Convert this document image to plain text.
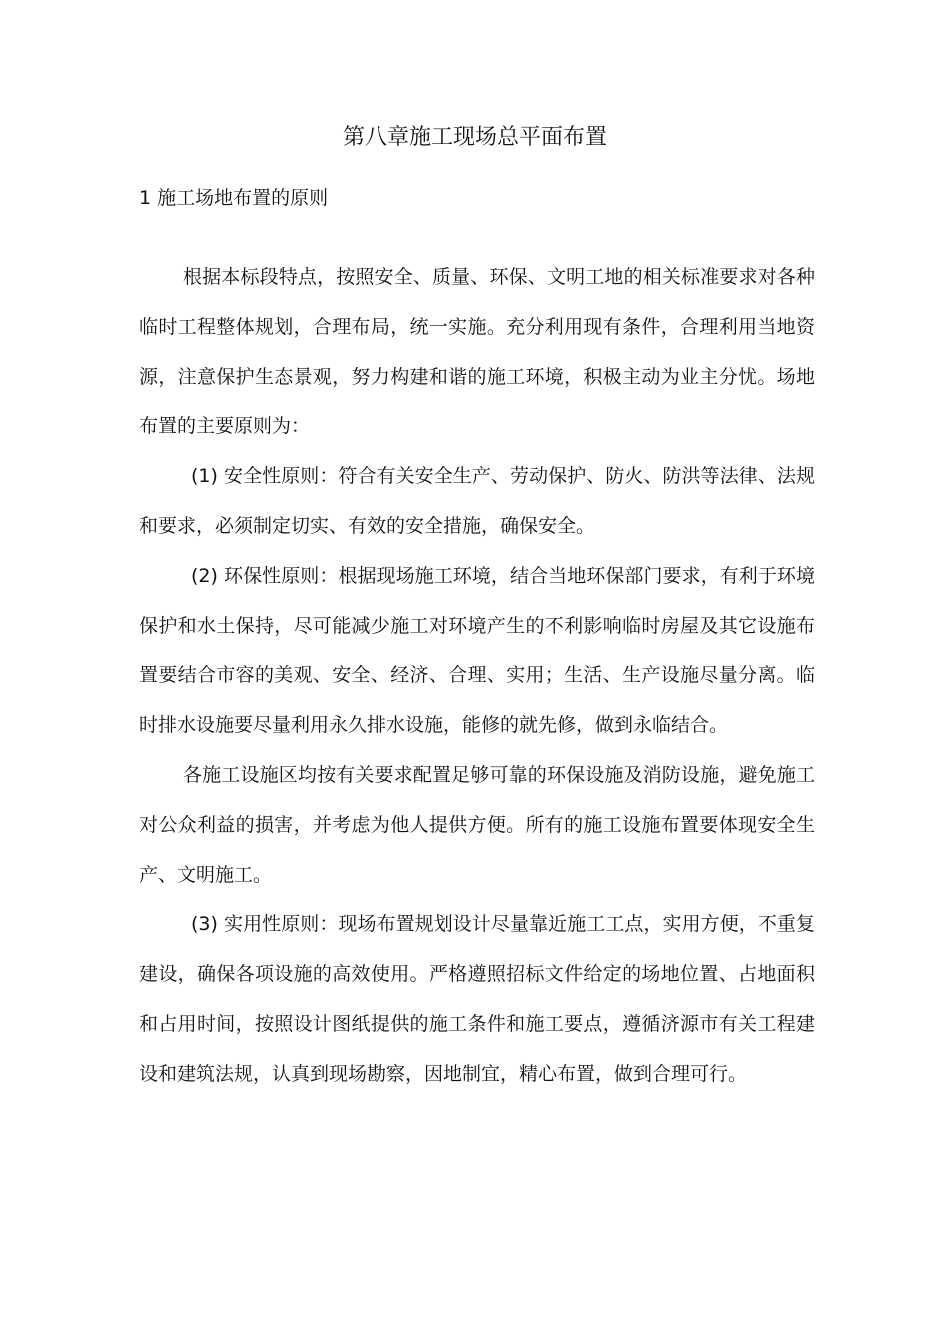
第八章施工现场总平面布置
1 施工场地布置的原则

根据本标段特点，按照安全、质量、环保、文明工地的相关标准要求对各种临时工程整体规划，合理布局，统一实施。充分利用现有条件，合理利用当地资源，注意保护生态景观，努力构建和谐的施工环境，积极主动为业主分忧。场地布置的主要原则为：

(1) 安全性原则：符合有关安全生产、劳动保护、防火、防洪等法律、法规和要求，必须制定切实、有效的安全措施，确保安全。

(2) 环保性原则：根据现场施工环境，结合当地环保部门要求，有利于环境保护和水土保持，尽可能减少施工对环境产生的不利影响临时房屋及其它设施布置要结合市容的美观、安全、经济、合理、实用；生活、生产设施尽量分离。临时排水设施要尽量利用永久排水设施，能修的就先修，做到永临结合。

各施工设施区均按有关要求配置足够可靠的环保设施及消防设施，避免施工对公众利益的损害，并考虑为他人提供方便。所有的施工设施布置要体现安全生产、文明施工。

(3) 实用性原则：现场布置规划设计尽量靠近施工工点，实用方便，不重复建设，确保各项设施的高效使用。严格遵照招标文件给定的场地位置、占地面积和占用时间，按照设计图纸提供的施工条件和施工要点，遵循济源市有关工程建设和建筑法规，认真到现场勘察，因地制宜，精心布置，做到合理可行。
